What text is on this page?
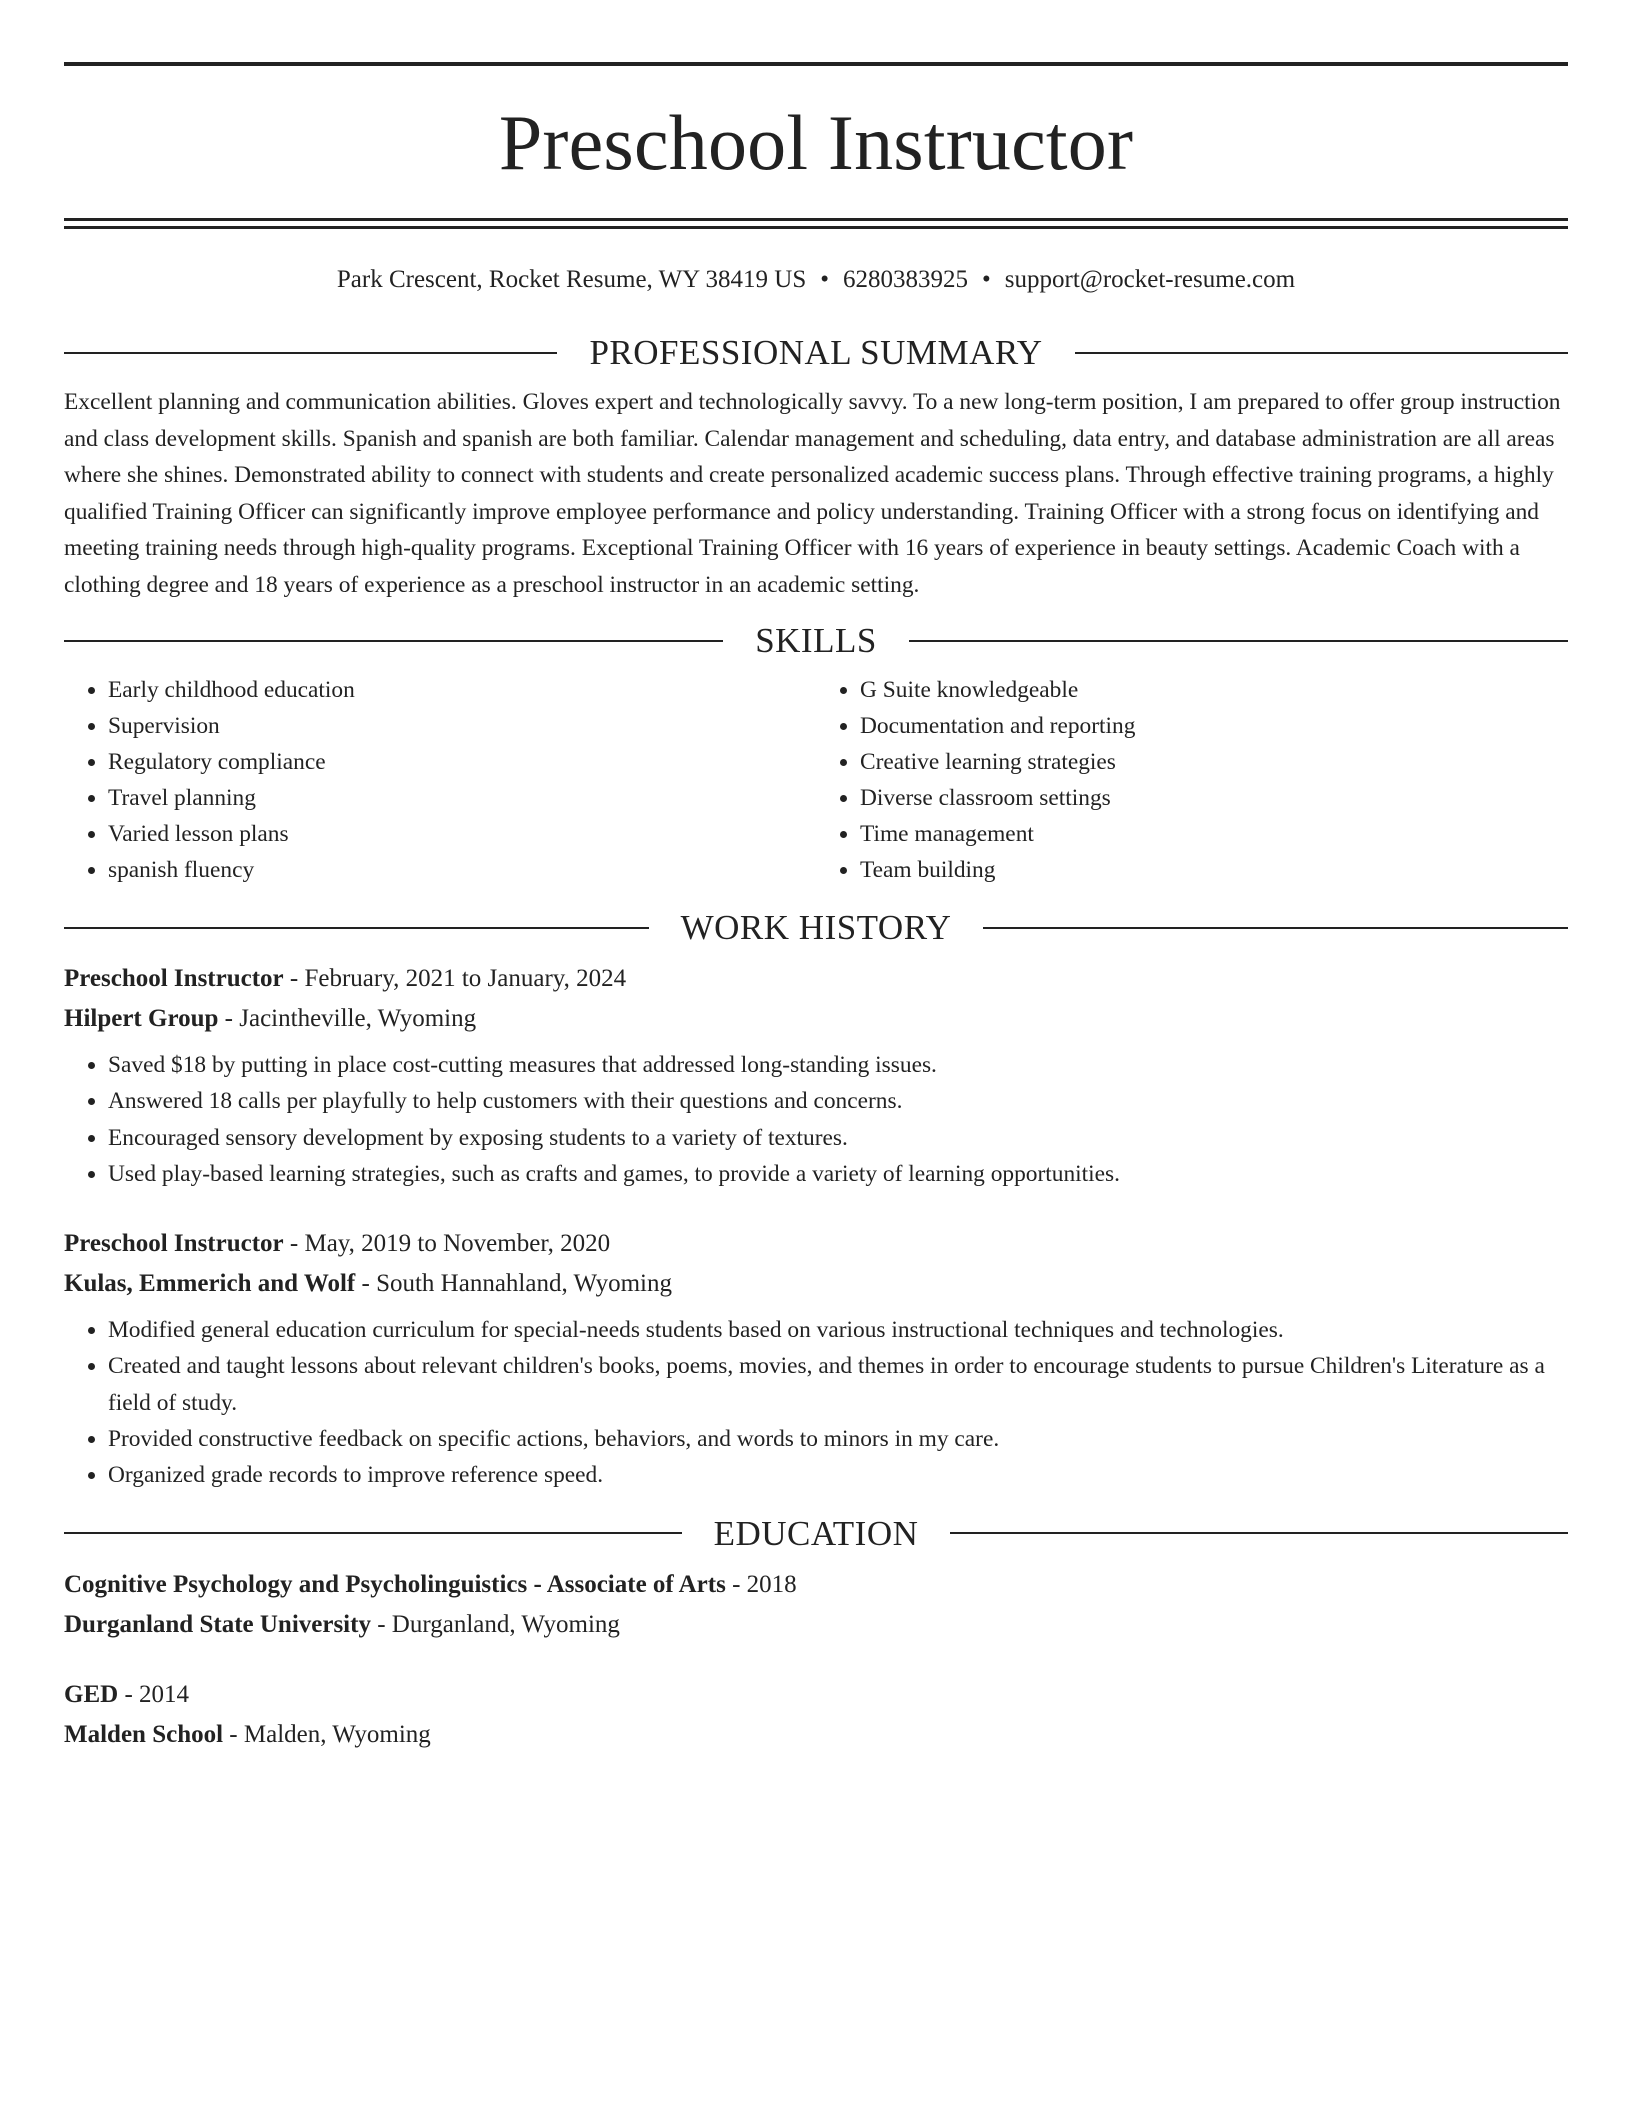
Preschool Instructor
Park Crescent, Rocket Resume, WY 38419 US • 6280383925 • support@rocket-resume.com
PROFESSIONAL SUMMARY

Excellent planning and communication abilities. Gloves expert and technologically savvy. To a new long-term position, I am prepared to offer group instruction and class development skills. Spanish and spanish are both familiar. Calendar management and scheduling, data entry, and database administration are all areas where she shines. Demonstrated ability to connect with students and create personalized academic success plans. Through effective training programs, a highly qualified Training Officer can significantly improve employee performance and policy understanding. Training Officer with a strong focus on identifying and meeting training needs through high-quality programs. Exceptional Training Officer with 16 years of experience in beauty settings. Academic Coach with a clothing degree and 18 years of experience as a preschool instructor in an academic setting.

SKILLS
• Early childhood education
• Supervision
• Regulatory compliance
• Travel planning
• Varied lesson plans
• spanish fluency
• G Suite knowledgeable
• Documentation and reporting
• Creative learning strategies
• Diverse classroom settings
• Time management
• Team building
WORK HISTORY
Preschool Instructor - February, 2021 to January, 2024
Hilpert Group - Jacintheville, Wyoming
• Saved $18 by putting in place cost-cutting measures that addressed long-standing issues.
• Answered 18 calls per playfully to help customers with their questions and concerns.
• Encouraged sensory development by exposing students to a variety of textures.
• Used play-based learning strategies, such as crafts and games, to provide a variety of learning opportunities.
Preschool Instructor - May, 2019 to November, 2020
Kulas, Emmerich and Wolf - South Hannahland, Wyoming
• Modified general education curriculum for special-needs students based on various instructional techniques and technologies.
• Created and taught lessons about relevant children's books, poems, movies, and themes in order to encourage students to pursue Children's Literature as a field of study.
• Provided constructive feedback on specific actions, behaviors, and words to minors in my care.
• Organized grade records to improve reference speed.
EDUCATION
Cognitive Psychology and Psycholinguistics - Associate of Arts - 2018
Durganland State University - Durganland, Wyoming
GED - 2014
Malden School - Malden, Wyoming
